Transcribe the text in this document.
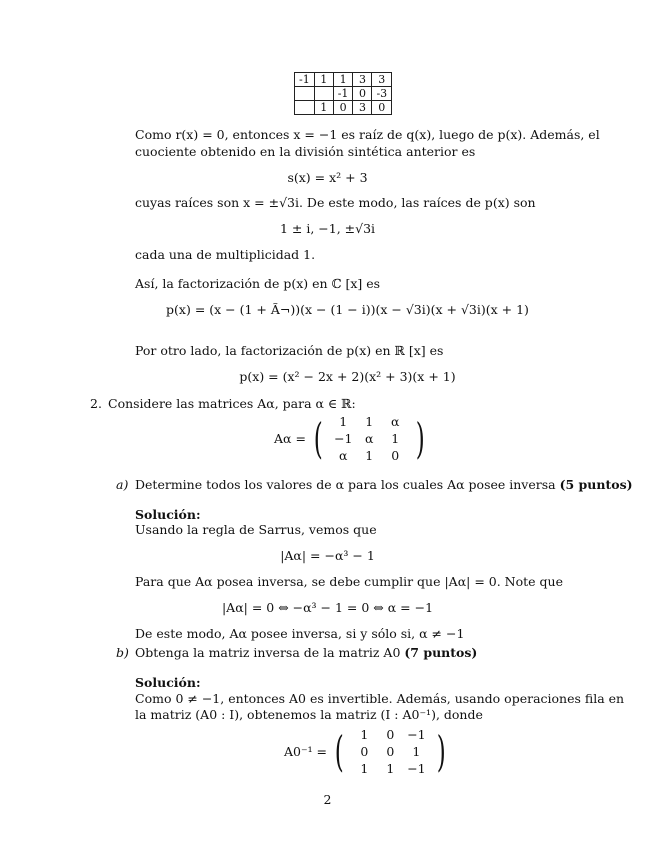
-1	1	1	3	3
		-1	0	-3
	1	0	3	0
Como r(x) = 0, entonces x = −1 es raíz de q(x), luego de p(x). Además, el
cuociente obtenido en la división sintética anterior es
s(x) = x² + 3
cuyas raíces son x = ±√3i. De este modo, las raíces de p(x) son
1 ± i, −1, ±√3i
cada una de multiplicidad 1.
Así, la factorización de p(x) en ℂ [x] es
p(x) = (x − (1 + Ã¬))(x − (1 − i))(x − √3i)(x + √3i)(x + 1)
Por otro lado, la factorización de p(x) en ℝ [x] es
p(x) = (x² − 2x + 2)(x² + 3)(x + 1)
2. Considere las matrices Aα, para α ∈ ℝ:
Aα = (	1	1	α
−1	α	1
α	1	0 )
a) Determine todos los valores de α para los cuales Aα posee inversa (5 puntos)
Solución:
Usando la regla de Sarrus, vemos que
|Aα| = −α³ − 1
Para que Aα posea inversa, se debe cumplir que |Aα| = 0. Note que
|Aα| = 0 ⇔ −α³ − 1 = 0 ⇔ α = −1
De este modo, Aα posee inversa, si y sólo si, α ≠ −1
b) Obtenga la matriz inversa de la matriz A0 (7 puntos)
Solución:
Como 0 ≠ −1, entonces A0 es invertible. Además, usando operaciones fila en
la matriz (A0 : I), obtenemos la matriz (I : A0⁻¹), donde
A0⁻¹ = (	1	0	−1
0	0	1
1	1	−1 )
2
